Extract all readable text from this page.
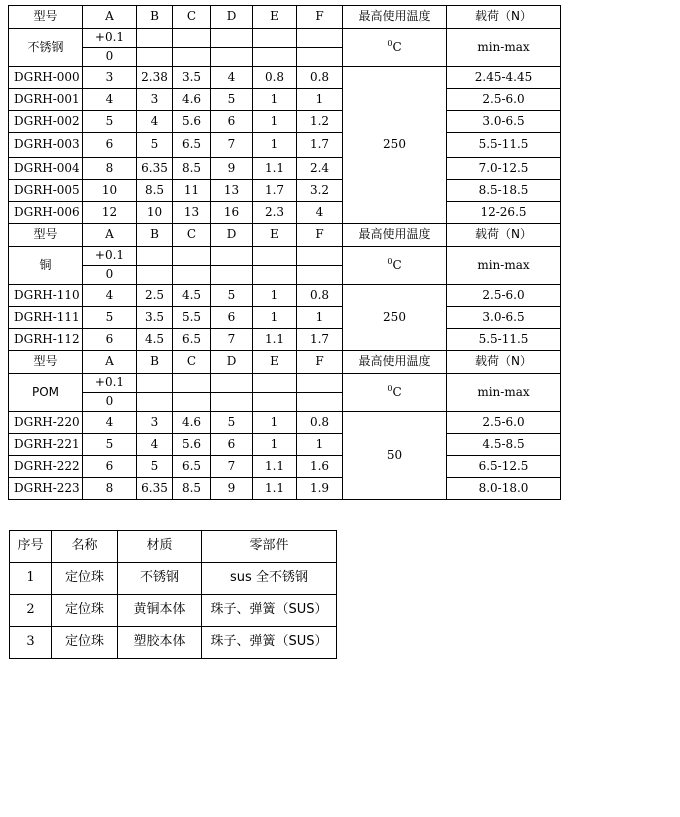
型号	A	B	C	D	E	F	最高使用温度	载荷（N）
不锈钢	+0.1						$^0$C	min-max
	0							
DGRH-000	3	2.38	3.5	4	0.8	0.8	250	2.45-4.45
DGRH-001	4	3	4.6	5	1	1		2.5-6.0
DGRH-002	5	4	5.6	6	1	1.2		3.0-6.5
DGRH-003	6	5	6.5	7	1	1.7		5.5-11.5
DGRH-004	8	6.35	8.5	9	1.1	2.4		7.0-12.5
DGRH-005	10	8.5	11	13	1.7	3.2		8.5-18.5
DGRH-006	12	10	13	16	2.3	4		12-26.5
型号	A	B	C	D	E	F	最高使用温度	载荷（N）
铜	+0.1						$^0$C	min-max
	0							
DGRH-110	4	2.5	4.5	5	1	0.8	250	2.5-6.0
DGRH-111	5	3.5	5.5	6	1	1		3.0-6.5
DGRH-112	6	4.5	6.5	7	1.1	1.7		5.5-11.5
型号	A	B	C	D	E	F	最高使用温度	载荷（N）
POM	+0.1						$^0$C	min-max
	0							
DGRH-220	4	3	4.6	5	1	0.8	50	2.5-6.0
DGRH-221	5	4	5.6	6	1	1		4.5-8.5
DGRH-222	6	5	6.5	7	1.1	1.6		6.5-12.5
DGRH-223	8	6.35	8.5	9	1.1	1.9		8.0-18.0
序号	名称	材质	零部件
1	定位珠	不锈钢	sus 全不锈钢
2	定位珠	黄铜本体	珠子、弹簧（SUS）
3	定位珠	塑胶本体	珠子、弹簧（SUS）
